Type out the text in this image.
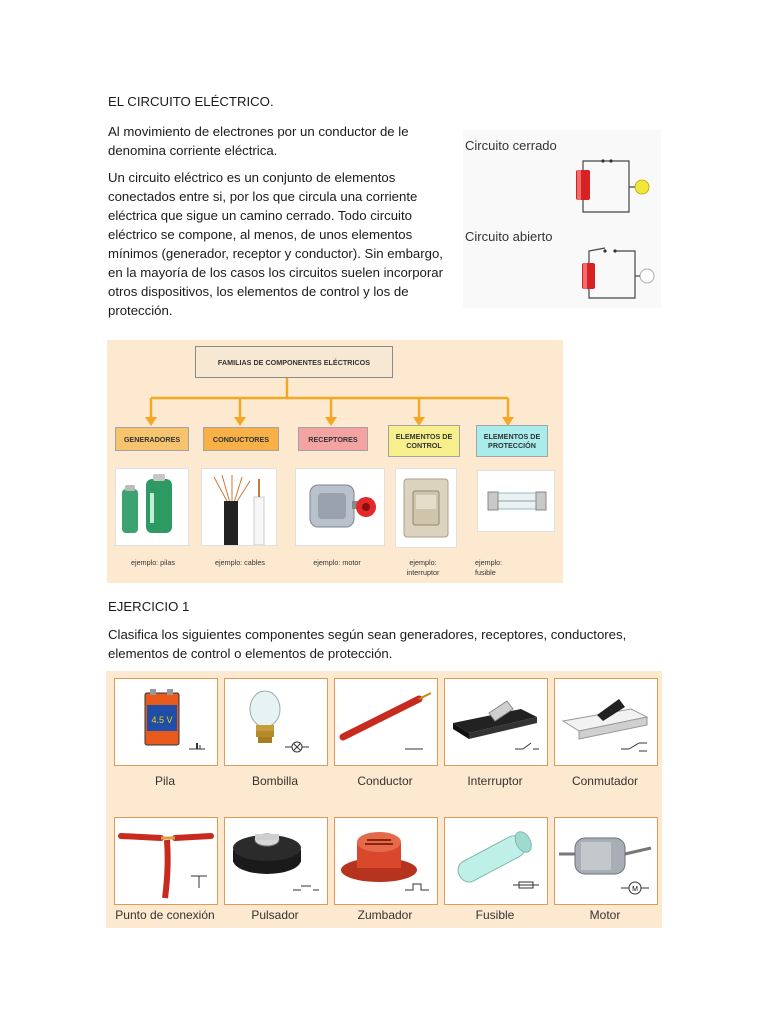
EL CIRCUITO ELÉCTRICO.
Al movimiento de electrones por un conductor de le denomina corriente eléctrica.
Un circuito eléctrico es un conjunto de elementos conectados entre si, por los que circula una corriente eléctrica que sigue un camino cerrado. Todo circuito eléctrico se compone, al menos, de unos elementos mínimos (generador, receptor y conductor). Sin embargo, en la mayoría de los casos los circuitos suelen incorporar otros dispositivos, los elementos de control y los de protección.
Circuito cerrado
Circuito abierto
FAMILIAS DE COMPONENTES ELÉCTRICOS
GENERADORES	CONDUCTORES	RECEPTORES	ELEMENTOS DE CONTROL
ELEMENTOS DE PROTECCIÓN
ejemplo: pilas	ejemplo: cables	ejemplo: motor	ejemplo: interruptor
ejemplo: fusible
EJERCICIO 1
Clasifica los siguientes componentes según sean generadores, receptores, conductores, elementos de control o elementos de protección.
4.5 V
Pila	Bombilla	Conductor	Interruptor	Conmutador
M
Punto de conexión	Pulsador	Zumbador	Fusible	Motor
